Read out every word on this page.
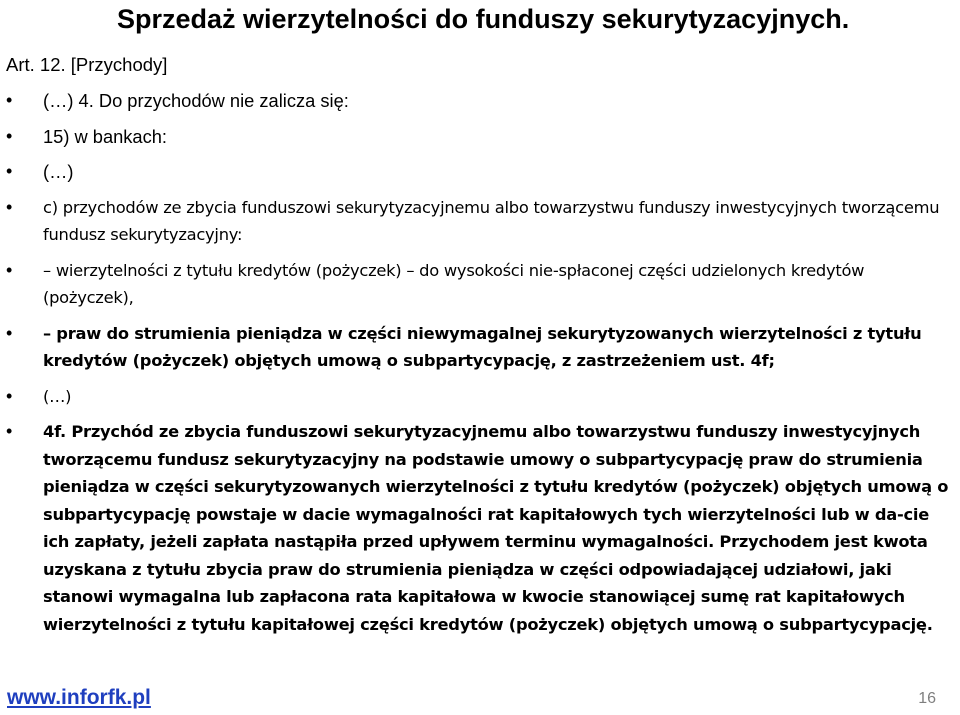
Sprzedaż wierzytelności do funduszy sekurytyzacyjnych.
Art. 12. [Przychody]
• (…) 4. Do przychodów nie zalicza się:
• 15) w bankach:
• (…)
• c) przychodów ze zbycia funduszowi sekurytyzacyjnemu albo towarzystwu funduszy inwestycyjnych tworzącemu fundusz sekurytyzacyjny:
• – wierzytelności z tytułu kredytów (pożyczek) – do wysokości nie-spłaconej części udzielonych kredytów (pożyczek),
• – praw do strumienia pieniądza w części niewymagalnej sekurytyzowanych wierzytelności z tytułu kredytów (pożyczek) objętych umową o subpartycypację, z zastrzeżeniem ust. 4f;
• (…)
• 4f. Przychód ze zbycia funduszowi sekurytyzacyjnemu albo towarzystwu funduszy inwestycyjnych tworzącemu fundusz sekurytyzacyjny na podstawie umowy o subpartycypację praw do strumienia pieniądza w części sekurytyzowanych wierzytelności z tytułu kredytów (pożyczek) objętych umową o subpartycypację powstaje w dacie wymagalności rat kapitałowych tych wierzytelności lub w da-cie ich zapłaty, jeżeli zapłata nastąpiła przed upływem terminu wymagalności. Przychodem jest kwota uzyskana z tytułu zbycia praw do strumienia pieniądza w części odpowiadającej udziałowi, jaki stanowi wymagalna lub zapłacona rata kapitałowa w kwocie stanowiącej sumę rat kapitałowych wierzytelności z tytułu kapitałowej części kredytów (pożyczek) objętych umową o subpartycypację.
www.inforfk.pl	16
